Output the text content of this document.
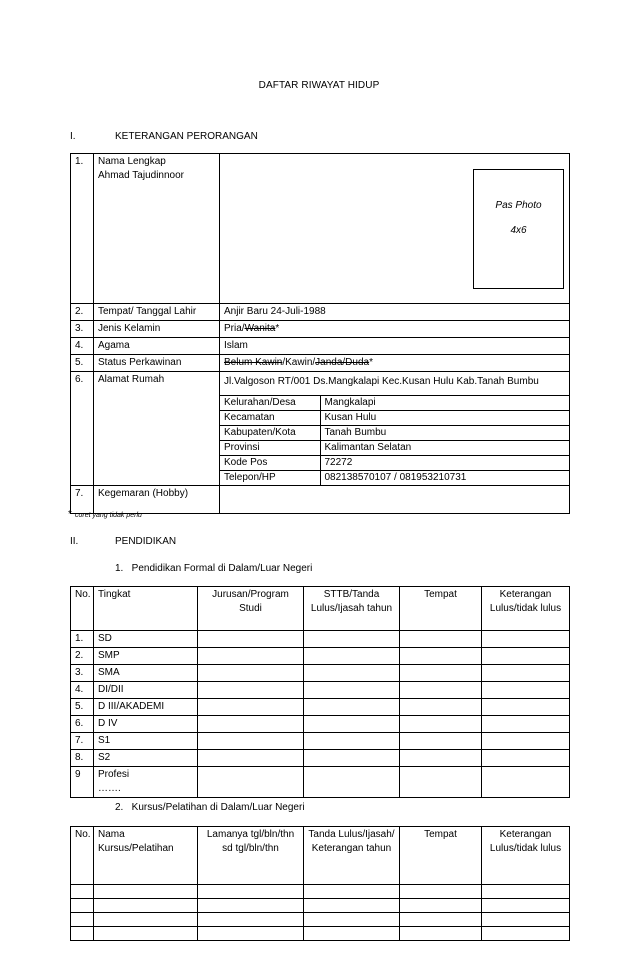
DAFTAR RIWAYAT HIDUP
I.	KETERANGAN PERORANGAN
1.	Nama Lengkap
Ahmad Tajudinnoor

2.	Tempat/ Tanggal Lahir	Anjir Baru 24-Juli-1988
3.	Jenis Kelamin	Pria/Wanita*
4.	Agama	Islam
5.	Status Perkawinan	Belum Kawin/Kawin/Janda/Duda*
6.	Alamat Rumah	Jl.Valgoson RT/001 Ds.Mangkalapi Kec.Kusan Hulu Kab.Tanah Bumbu
Kelurahan/Desa	Mangkalapi
Kecamatan	Kusan Hulu
Kabupaten/Kota	Tanah Bumbu
Provinsi	Kalimantan Selatan
Kode Pos	72272
Telepon/HP	082138570107 / 081953210731

7.	Kegemaran (Hobby)	
Pas Photo
4x6
* coret yang tidak perlu
II.	PENDIDIKAN
1.   Pendidikan Formal di Dalam/Luar Negeri
No.	Tingkat	Jurusan/Program Studi	STTB/Tanda Lulus/Ijasah tahun	Tempat	Keterangan Lulus/tidak lulus
1.	SD				
2.	SMP				
3.	SMA				
4.	DI/DII				
5.	D III/AKADEMI				
6.	D IV				
7.	S1				
8.	S2				
9	Profesi
…….				

2.   Kursus/Pelatihan di Dalam/Luar Negeri
No.	Nama Kursus/Pelatihan	Lamanya tgl/bln/thn sd tgl/bln/thn	Tanda Lulus/Ijasah/ Keterangan tahun	Tempat	Keterangan Lulus/tidak lulus
